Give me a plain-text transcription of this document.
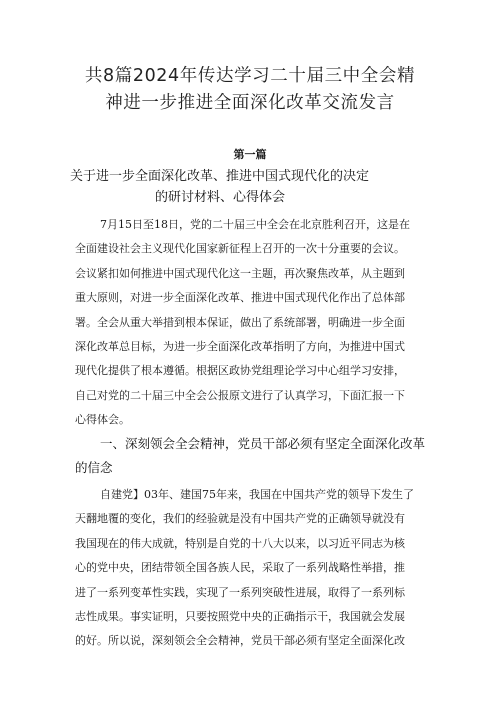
共8篇2024年传达学习二十届三中全会精
神进一步推进全面深化改革交流发言
第一篇
关于进一步全面深化改革、推进中国式现代化的决定
的研讨材料、心得体会
7月15日至18日，党的二十届三中全会在北京胜利召开，这是在
全面建设社会主义现代化国家新征程上召开的一次十分重要的会议。
会议紧扣如何推进中国式现代化这一主题，再次聚焦改革，从主题到
重大原则，对进一步全面深化改革、推进中国式现代化作出了总体部
署。全会从重大举措到根本保证，做出了系统部署，明确进一步全面
深化改革总目标，为进一步全面深化改革指明了方向，为推进中国式
现代化提供了根本遵循。根据区政协党组理论学习中心组学习安排，
自己对党的二十届三中全会公报原文进行了认真学习，下面汇报一下
心得体会。
一、深刻领会全会精神，党员干部必须有坚定全面深化改革
的信念
自建党】03年、建国75年来，我国在中国共产党的领导下发生了
天翻地覆的变化，我们的经验就是没有中国共产党的正确领导就没有
我国现在的伟大成就，特别是自党的十八大以来，以习近平同志为核
心的党中央，团结带领全国各族人民，采取了一系列战略性举措，推
进了一系列变革性实践，实现了一系列突破性进展，取得了一系列标
志性成果。事实证明，只要按照党中央的正确指示干，我国就会发展
的好。所以说，深刻领会全会精神，党员干部必须有坚定全面深化改
